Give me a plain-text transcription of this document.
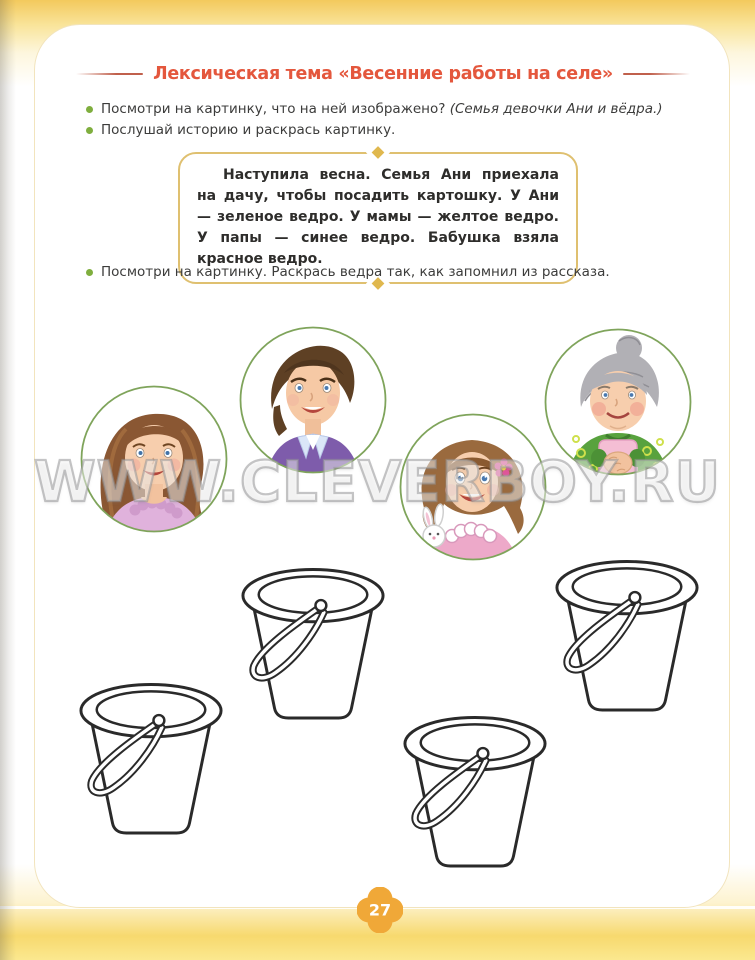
Лексическая тема «Весенние работы на селе»
Посмотри на картинку, что на ней изображено? (Семья девочки Ани и вёдра.)
Послушай историю и раскрась картинку.
Наступила весна. Семья Ани приехала на дачу, чтобы посадить картошку. У Ани — зеленое ведро. У мамы — желтое ведро. У папы — синее ведро. Бабушка взяла красное ведро.
Посмотри на картинку. Раскрась ведра так, как запомнил из рассказа.
WWW.CLEVERBOY.RU
27
